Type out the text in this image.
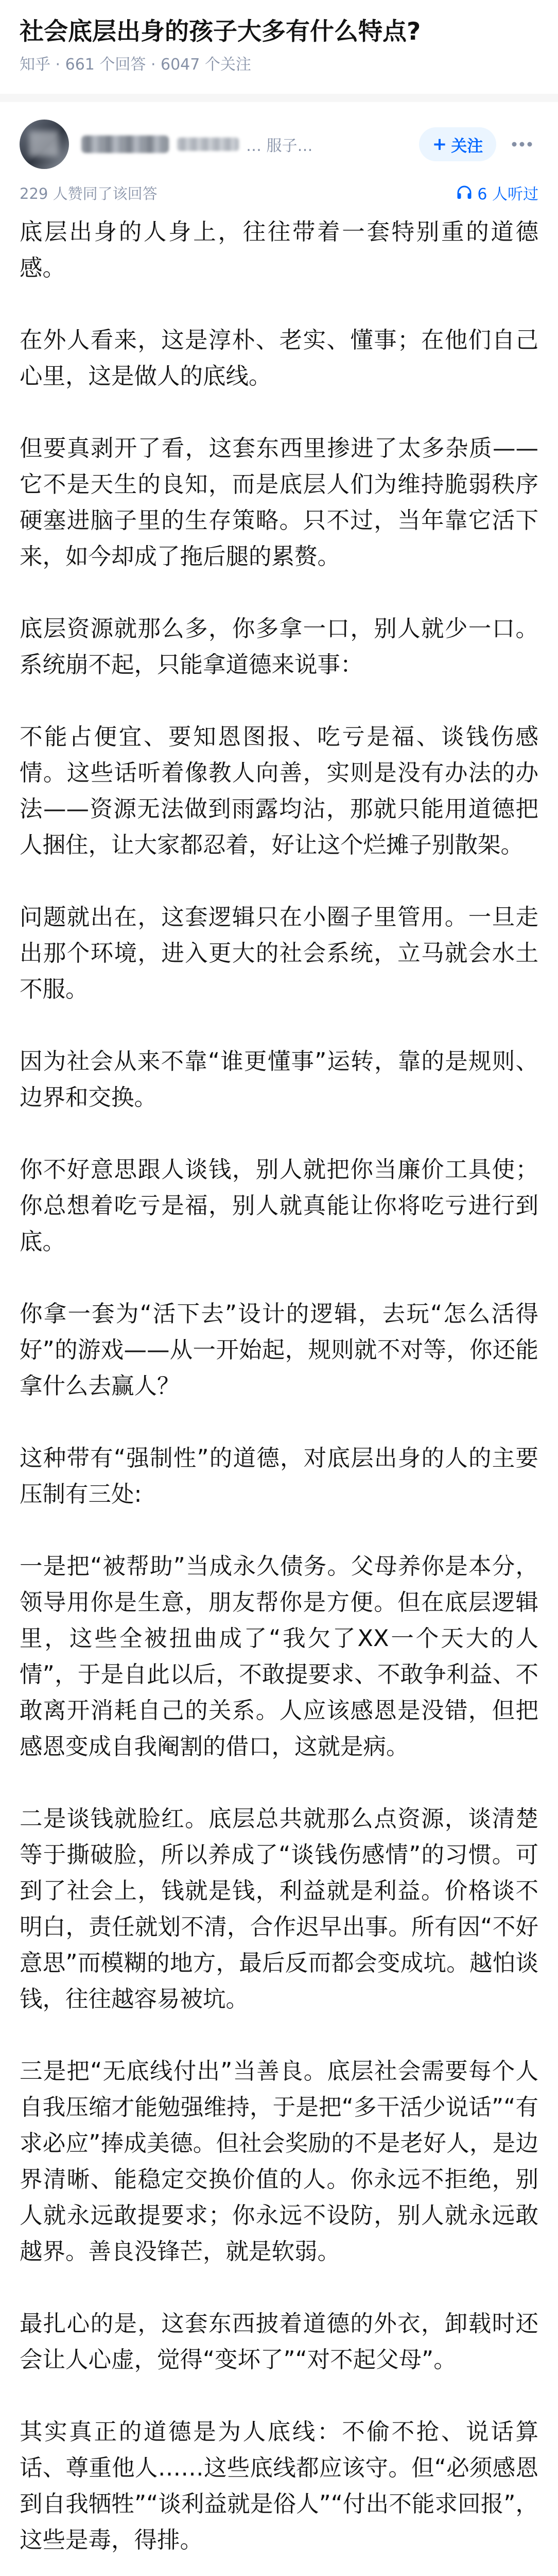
社会底层出身的孩子大多有什么特点?
知乎 · 661 个回答 · 6047 个关注
… 服子…	+ 关注
229 人赞同了该回答	6 人听过

底层出身的人身上，往往带着一套特别重的道德感。

在外人看来，这是淳朴、老实、懂事；在他们自己心里，这是做人的底线。

但要真剥开了看，这套东西里掺进了太多杂质——它不是天生的良知，而是底层人们为维持脆弱秩序硬塞进脑子里的生存策略。只不过，当年靠它活下来，如今却成了拖后腿的累赘。

底层资源就那么多，你多拿一口，别人就少一口。系统崩不起，只能拿道德来说事：

不能占便宜、要知恩图报、吃亏是福、谈钱伤感情。这些话听着像教人向善，实则是没有办法的办法——资源无法做到雨露均沾，那就只能用道德把人捆住，让大家都忍着，好让这个烂摊子别散架。

问题就出在，这套逻辑只在小圈子里管用。一旦走出那个环境，进入更大的社会系统，立马就会水土不服。

因为社会从来不靠“谁更懂事”运转，靠的是规则、边界和交换。

你不好意思跟人谈钱，别人就把你当廉价工具使；你总想着吃亏是福，别人就真能让你将吃亏进行到底。

你拿一套为“活下去”设计的逻辑，去玩“怎么活得好”的游戏——从一开始起，规则就不对等，你还能拿什么去赢人？

这种带有“强制性”的道德，对底层出身的人的主要压制有三处:

一是把“被帮助”当成永久债务。父母养你是本分，领导用你是生意，朋友帮你是方便。但在底层逻辑里，这些全被扭曲成了“我欠了XX一个天大的人情”，于是自此以后，不敢提要求、不敢争利益、不敢离开消耗自己的关系。人应该感恩是没错，但把感恩变成自我阉割的借口，这就是病。

二是谈钱就脸红。底层总共就那么点资源，谈清楚等于撕破脸，所以养成了“谈钱伤感情”的习惯。可到了社会上，钱就是钱，利益就是利益。价格谈不明白，责任就划不清，合作迟早出事。所有因“不好意思”而模糊的地方，最后反而都会变成坑。越怕谈钱，往往越容易被坑。

三是把“无底线付出”当善良。底层社会需要每个人自我压缩才能勉强维持，于是把“多干活少说话”“有求必应”捧成美德。但社会奖励的不是老好人，是边界清晰、能稳定交换价值的人。你永远不拒绝，别人就永远敢提要求；你永远不设防，别人就永远敢越界。善良没锋芒，就是软弱。

最扎心的是，这套东西披着道德的外衣，卸载时还会让人心虚，觉得“变坏了”“对不起父母”。

其实真正的道德是为人底线：不偷不抢、说话算话、尊重他人……这些底线都应该守。但“必须感恩到自我牺牲”“谈利益就是俗人”“付出不能求回报”，这些是毒，得排。
